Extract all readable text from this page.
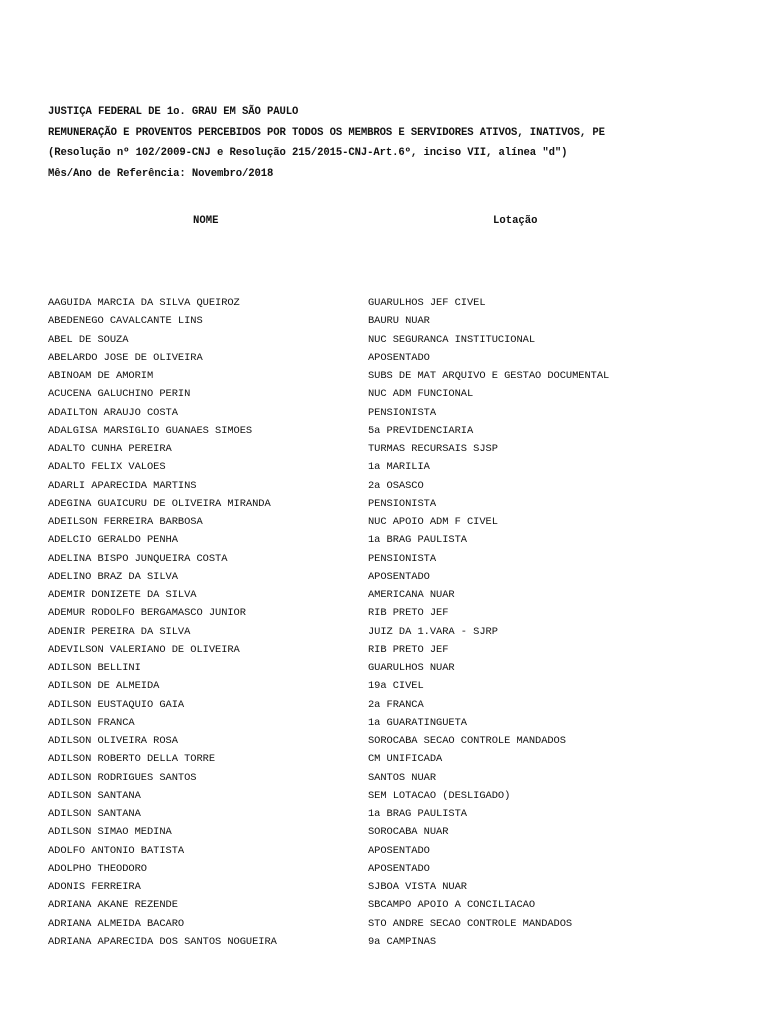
JUSTIÇA FEDERAL DE 1o. GRAU EM SÃO PAULO
REMUNERAÇÃO E PROVENTOS PERCEBIDOS POR TODOS OS MEMBROS E SERVIDORES ATIVOS, INATIVOS, PE
(Resolução nº 102/2009-CNJ e Resolução 215/2015-CNJ-Art.6º, inciso VII, alínea "d")
Mês/Ano de Referência: Novembro/2018
NOME	Lotação
AAGUIDA MARCIA DA SILVA QUEIROZ	GUARULHOS JEF CIVEL
ABEDENEGO CAVALCANTE LINS	BAURU NUAR
ABEL DE SOUZA	NUC SEGURANCA INSTITUCIONAL
ABELARDO JOSE DE OLIVEIRA	APOSENTADO
ABINOAM DE AMORIM	SUBS DE MAT ARQUIVO E GESTAO DOCUMENTAL
ACUCENA GALUCHINO PERIN	NUC ADM FUNCIONAL
ADAILTON ARAUJO COSTA	PENSIONISTA
ADALGISA MARSIGLIO GUANAES SIMOES	5a PREVIDENCIARIA
ADALTO CUNHA PEREIRA	TURMAS RECURSAIS SJSP
ADALTO FELIX VALOES	1a MARILIA
ADARLI APARECIDA MARTINS	2a OSASCO
ADEGINA GUAICURU DE OLIVEIRA MIRANDA	PENSIONISTA
ADEILSON FERREIRA BARBOSA	NUC APOIO ADM F CIVEL
ADELCIO GERALDO PENHA	1a BRAG PAULISTA
ADELINA BISPO JUNQUEIRA COSTA	PENSIONISTA
ADELINO BRAZ DA SILVA	APOSENTADO
ADEMIR DONIZETE DA SILVA	AMERICANA NUAR
ADEMUR RODOLFO BERGAMASCO JUNIOR	RIB PRETO JEF
ADENIR PEREIRA DA SILVA	JUIZ DA 1.VARA - SJRP
ADEVILSON VALERIANO DE OLIVEIRA	RIB PRETO JEF
ADILSON BELLINI	GUARULHOS NUAR
ADILSON DE ALMEIDA	19a CIVEL
ADILSON EUSTAQUIO GAIA	2a FRANCA
ADILSON FRANCA	1a GUARATINGUETA
ADILSON OLIVEIRA ROSA	SOROCABA SECAO CONTROLE MANDADOS
ADILSON ROBERTO DELLA TORRE	CM UNIFICADA
ADILSON RODRIGUES SANTOS	SANTOS NUAR
ADILSON SANTANA	SEM LOTACAO (DESLIGADO)
ADILSON SANTANA	1a BRAG PAULISTA
ADILSON SIMAO MEDINA	SOROCABA NUAR
ADOLFO ANTONIO BATISTA	APOSENTADO
ADOLPHO THEODORO	APOSENTADO
ADONIS FERREIRA	SJBOA VISTA NUAR
ADRIANA AKANE REZENDE	SBCAMPO APOIO A CONCILIACAO
ADRIANA ALMEIDA BACARO	STO ANDRE SECAO CONTROLE MANDADOS
ADRIANA APARECIDA DOS SANTOS NOGUEIRA	9a CAMPINAS
